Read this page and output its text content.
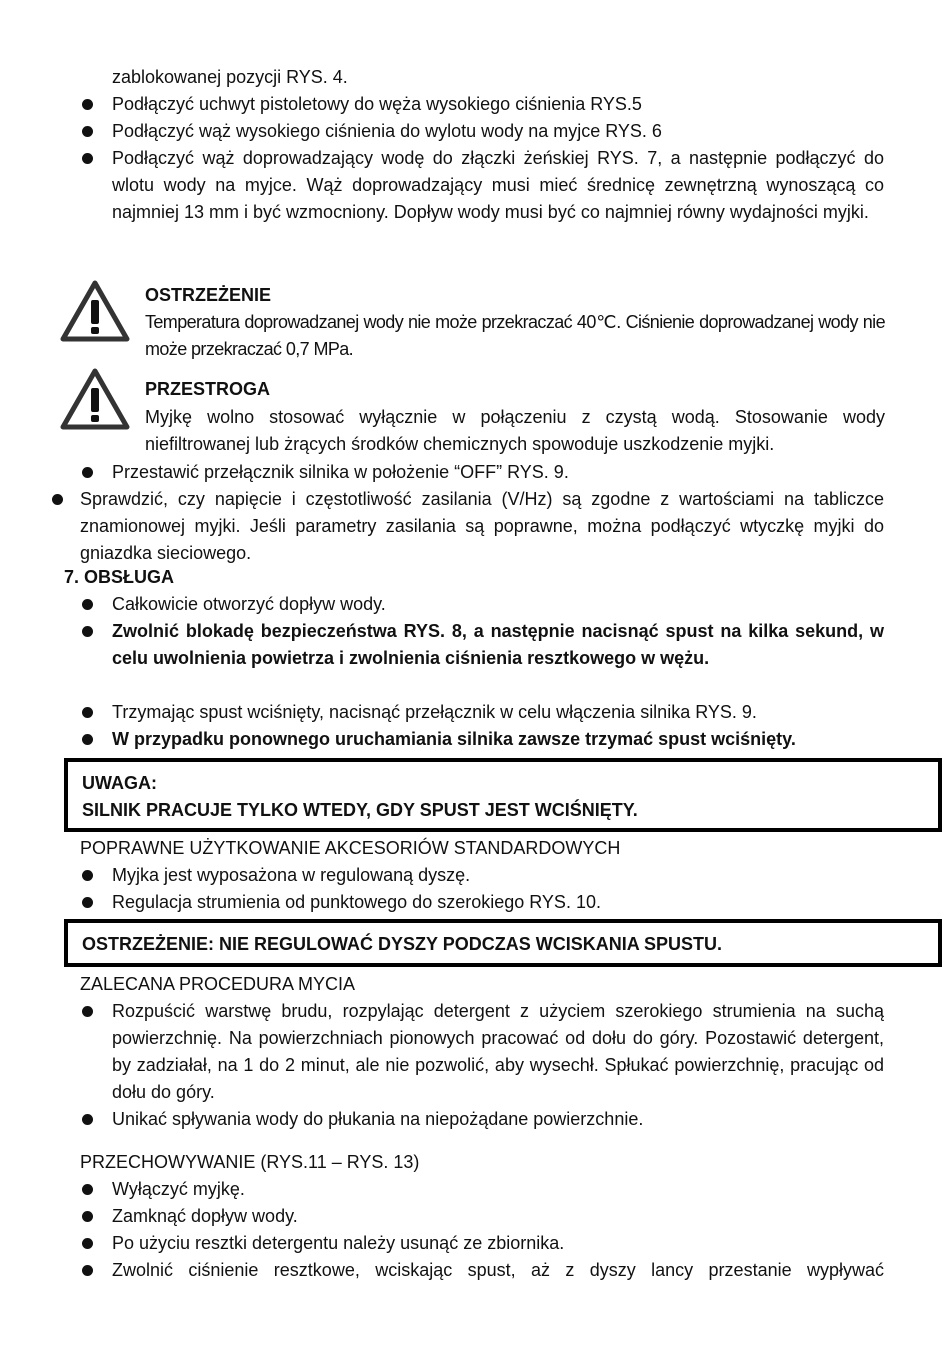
zablokowanej pozycji RYS. 4.
Podłączyć uchwyt pistoletowy do węża wysokiego ciśnienia RYS.5
Podłączyć wąż wysokiego ciśnienia do wylotu wody na myjce RYS. 6
Podłączyć wąż doprowadzający wodę do złączki żeńskiej RYS. 7, a następnie podłączyć do wlotu wody na myjce. Wąż doprowadzający musi mieć średnicę zewnętrzną wynoszącą co najmniej 13 mm i być wzmocniony. Dopływ wody musi być co najmniej równy wydajności myjki.
OSTRZEŻENIE
Temperatura doprowadzanej wody nie może przekraczać 40℃. Ciśnienie doprowadzanej wody nie może przekraczać 0,7 MPa.
PRZESTROGA
Myjkę wolno stosować wyłącznie w połączeniu z czystą wodą. Stosowanie wody niefiltrowanej lub żrących środków chemicznych spowoduje uszkodzenie myjki.
Przestawić przełącznik silnika w położenie “OFF” RYS. 9.
Sprawdzić, czy napięcie i częstotliwość zasilania (V/Hz) są zgodne z wartościami na tabliczce znamionowej myjki. Jeśli parametry zasilania są poprawne, można podłączyć wtyczkę myjki do gniazdka sieciowego.
7. OBSŁUGA
Całkowicie otworzyć dopływ wody.
Zwolnić blokadę bezpieczeństwa RYS. 8, a następnie nacisnąć spust na kilka sekund, w celu uwolnienia powietrza i zwolnienia ciśnienia resztkowego w wężu.
Trzymając spust wciśnięty, nacisnąć przełącznik w celu włączenia silnika RYS. 9.
W przypadku ponownego uruchamiania silnika zawsze trzymać spust wciśnięty.
UWAGA:
SILNIK PRACUJE TYLKO WTEDY, GDY SPUST JEST WCIŚNIĘTY.
POPRAWNE UŻYTKOWANIE AKCESORIÓW STANDARDOWYCH
Myjka jest wyposażona w regulowaną dyszę.
Regulacja strumienia od punktowego do szerokiego RYS. 10.
OSTRZEŻENIE: NIE REGULOWAĆ DYSZY PODCZAS WCISKANIA SPUSTU.
ZALECANA PROCEDURA MYCIA
Rozpuścić warstwę brudu, rozpylając detergent z użyciem szerokiego strumienia na suchą powierzchnię. Na powierzchniach pionowych pracować od dołu do góry. Pozostawić detergent, by zadziałał, na 1 do 2 minut, ale nie pozwolić, aby wysechł. Spłukać powierzchnię, pracując od dołu do góry.
Unikać spływania wody do płukania na niepożądane powierzchnie.
PRZECHOWYWANIE (RYS.11 – RYS. 13)
Wyłączyć myjkę.
Zamknąć dopływ wody.
Po użyciu resztki detergentu należy usunąć ze zbiornika.
Zwolnić ciśnienie resztkowe, wciskając spust, aż z dyszy lancy przestanie wypływać
